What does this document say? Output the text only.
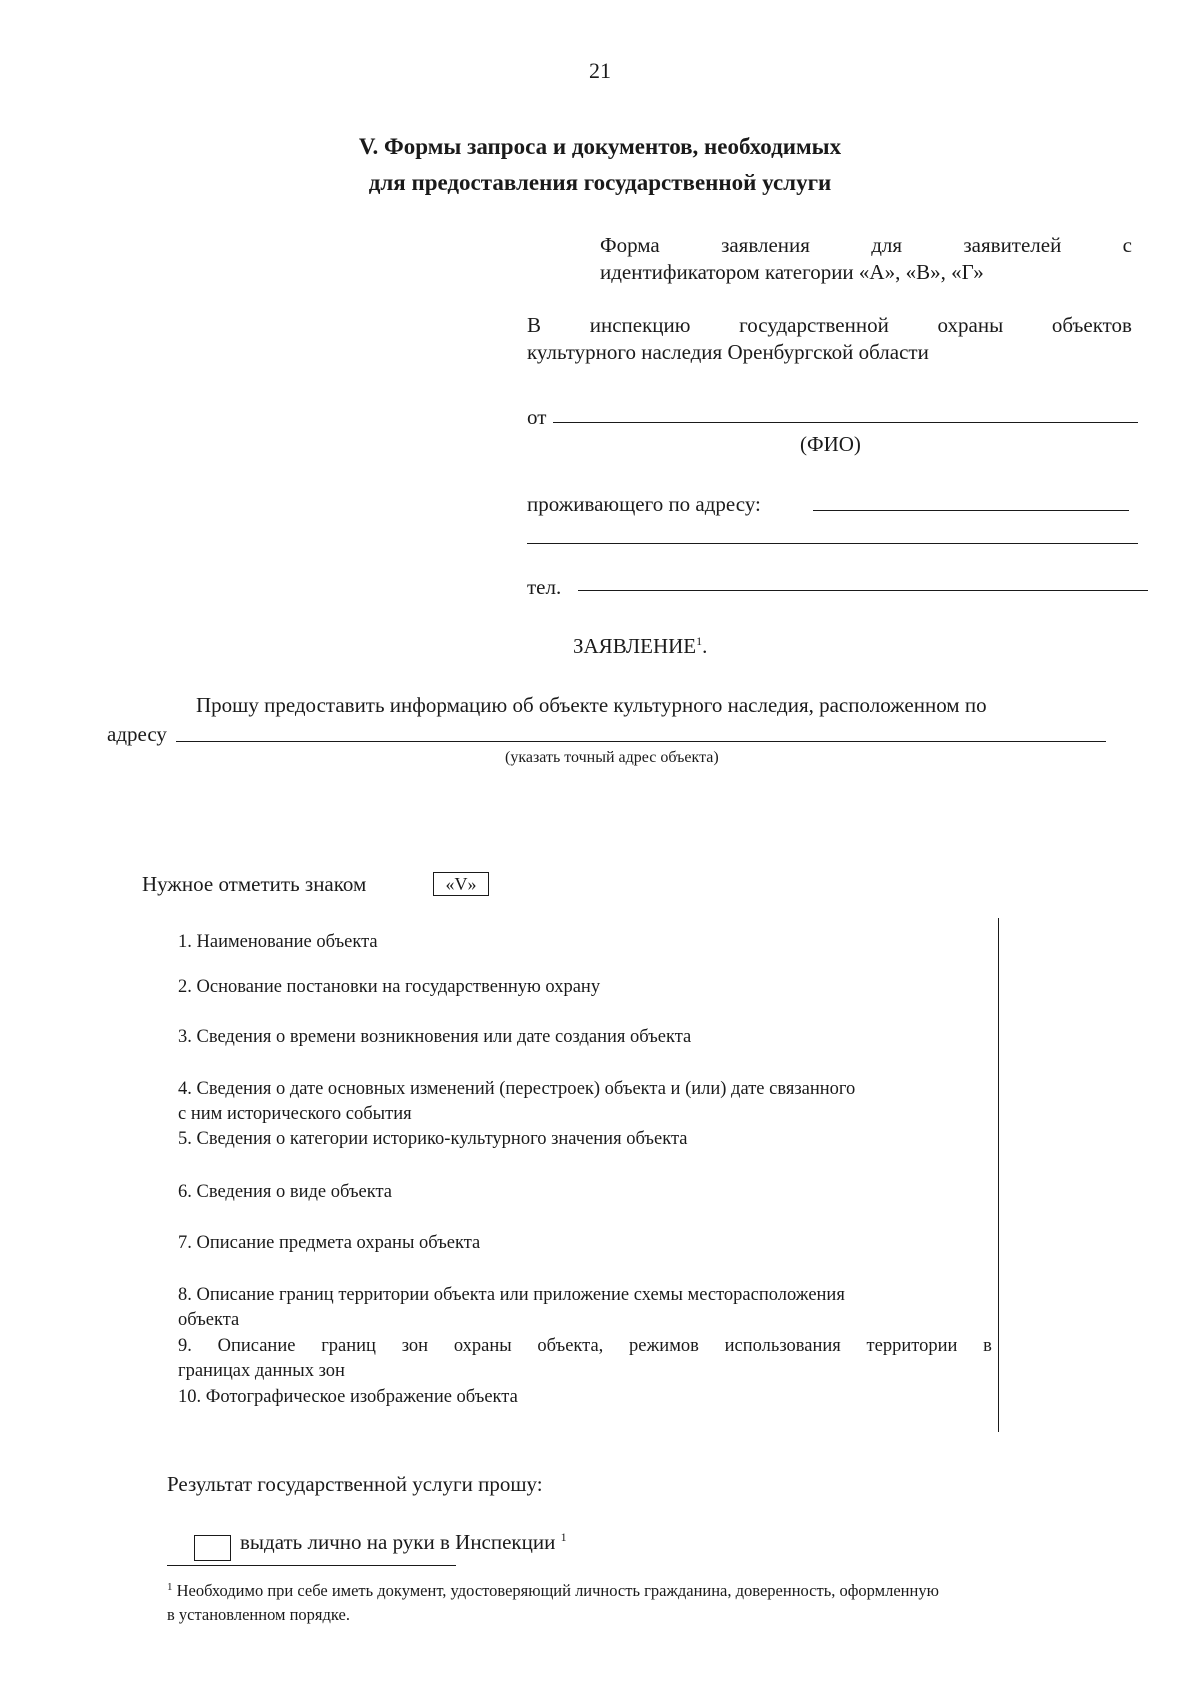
21
V. Формы запроса и документов, необходимых
для предоставления государственной услуги
Форма	заявления	для	заявителей	с
идентификатором категории «А», «В», «Г»
В инспекцию государственной охраны объектов
культурного наследия Оренбургской области
от
(ФИО)
проживающего по адресу:
тел.
ЗАЯВЛЕНИЕ$^1$.
Прошу предоставить информацию об объекте культурного наследия, расположенном по
адресу
(указать точный адрес объекта)
Нужное отметить знаком	«V»
1. Наименование объекта
2. Основание постановки на государственную охрану
3. Сведения о времени возникновения или дате создания объекта
4. Сведения о дате основных изменений (перестроек) объекта и (или) дате связанного
с ним исторического события
5. Сведения о категории историко-культурного значения объекта
6. Сведения о виде объекта
7. Описание предмета охраны объекта
8. Описание границ территории объекта или приложение схемы месторасположения
объекта
9. Описание границ зон охраны объекта, режимов использования территории в
границах данных зон
10. Фотографическое изображение объекта
Результат государственной услуги прошу:
выдать лично на руки в Инспекции $^1$
$^1$ Необходимо при себе иметь документ, удостоверяющий личность гражданина, доверенность, оформленную
в установленном порядке.
